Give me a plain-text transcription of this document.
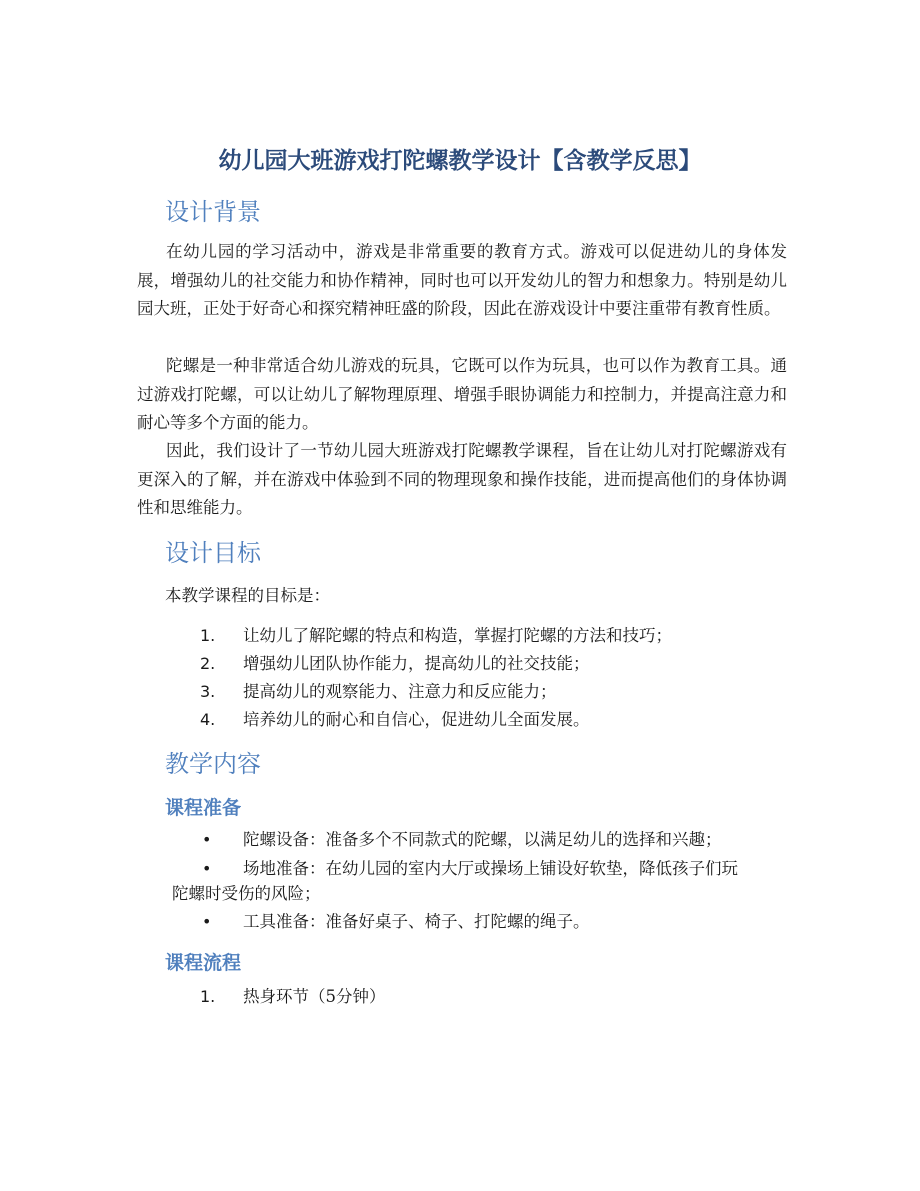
幼儿园大班游戏打陀螺教学设计【含教学反思】
设计背景

在幼儿园的学习活动中，游戏是非常重要的教育方式。游戏可以促进幼儿的身体发展，增强幼儿的社交能力和协作精神，同时也可以开发幼儿的智力和想象力。特别是幼儿园大班，正处于好奇心和探究精神旺盛的阶段，因此在游戏设计中要注重带有教育性质。

陀螺是一种非常适合幼儿游戏的玩具，它既可以作为玩具，也可以作为教育工具。通过游戏打陀螺，可以让幼儿了解物理原理、增强手眼协调能力和控制力，并提高注意力和耐心等多个方面的能力。

因此，我们设计了一节幼儿园大班游戏打陀螺教学课程，旨在让幼儿对打陀螺游戏有更深入的了解，并在游戏中体验到不同的物理现象和操作技能，进而提高他们的身体协调性和思维能力。

设计目标

本教学课程的目标是：

1.	让幼儿了解陀螺的特点和构造，掌握打陀螺的方法和技巧；
2.	增强幼儿团队协作能力，提高幼儿的社交技能；
3.	提高幼儿的观察能力、注意力和反应能力；
4.	培养幼儿的耐心和自信心，促进幼儿全面发展。
教学内容
课程准备
• 陀螺设备：准备多个不同款式的陀螺，以满足幼儿的选择和兴趣；
• 场地准备：在幼儿园的室内大厅或操场上铺设好软垫，降低孩子们玩
陀螺时受伤的风险；
• 工具准备：准备好桌子、椅子、打陀螺的绳子。
课程流程
1.	热身环节（5分钟）
